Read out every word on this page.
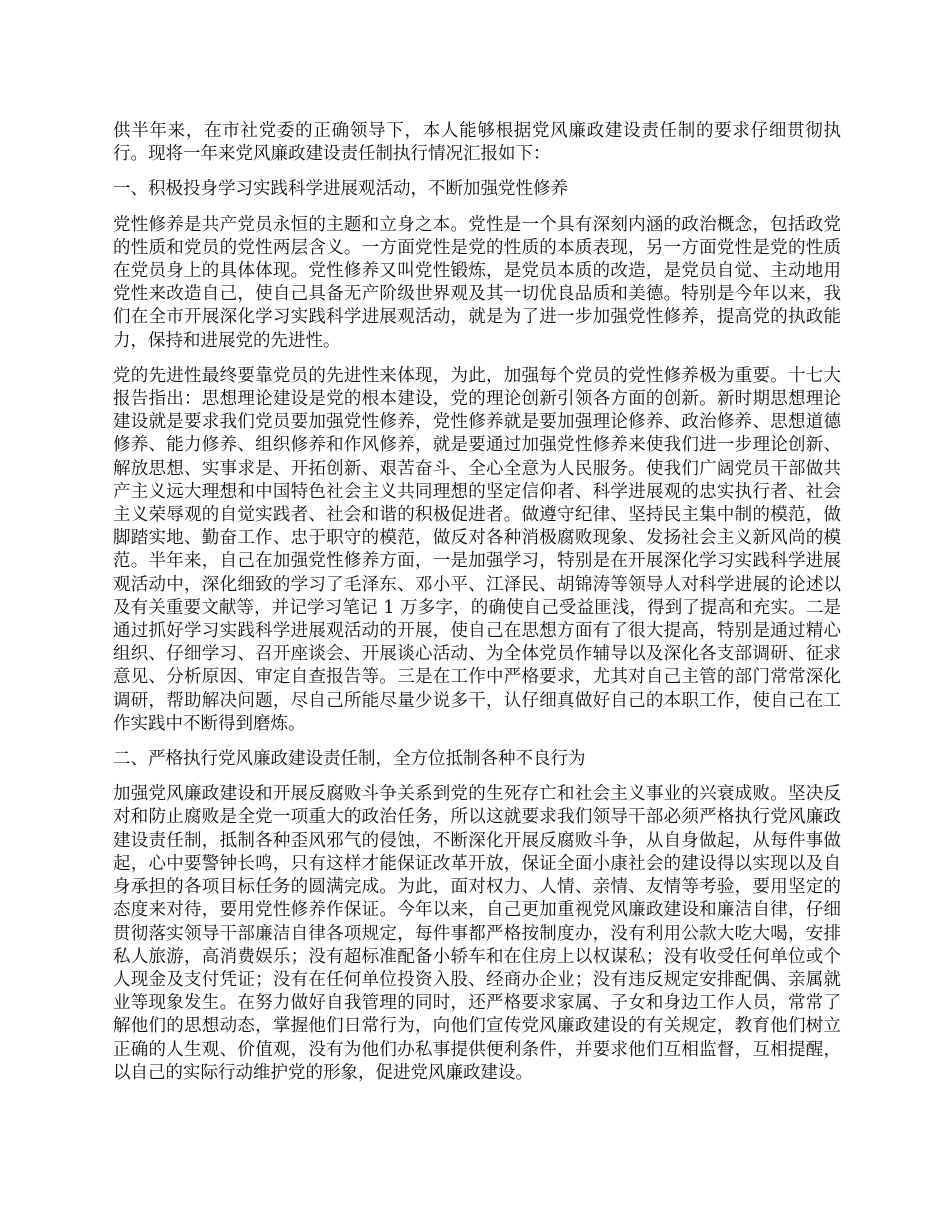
供半年来，在市社党委的正确领导下，本人能够根据党风廉政建设责任制的要求仔细贯彻执行。现将一年来党风廉政建设责任制执行情况汇报如下：

一、积极投身学习实践科学进展观活动，不断加强党性修养

党性修养是共产党员永恒的主题和立身之本。党性是一个具有深刻内涵的政治概念，包括政党的性质和党员的党性两层含义。一方面党性是党的性质的本质表现，另一方面党性是党的性质在党员身上的具体体现。党性修养又叫党性锻炼，是党员本质的改造，是党员自觉、主动地用党性来改造自己，使自己具备无产阶级世界观及其一切优良品质和美德。特别是今年以来，我们在全市开展深化学习实践科学进展观活动，就是为了进一步加强党性修养，提高党的执政能力，保持和进展党的先进性。

党的先进性最终要靠党员的先进性来体现，为此，加强每个党员的党性修养极为重要。十七大报告指出：思想理论建设是党的根本建设，党的理论创新引领各方面的创新。新时期思想理论建设就是要求我们党员要加强党性修养，党性修养就是要加强理论修养、政治修养、思想道德修养、能力修养、组织修养和作风修养，就是要通过加强党性修养来使我们进一步理论创新、解放思想、实事求是、开拓创新、艰苦奋斗、全心全意为人民服务。使我们广阔党员干部做共产主义远大理想和中国特色社会主义共同理想的坚定信仰者、科学进展观的忠实执行者、社会主义荣辱观的自觉实践者、社会和谐的积极促进者。做遵守纪律、坚持民主集中制的模范，做脚踏实地、勤奋工作、忠于职守的模范，做反对各种消极腐败现象、发扬社会主义新风尚的模范。半年来，自己在加强党性修养方面，一是加强学习，特别是在开展深化学习实践科学进展观活动中，深化细致的学习了毛泽东、邓小平、江泽民、胡锦涛等领导人对科学进展的论述以及有关重要文献等，并记学习笔记 1 万多字，的确使自己受益匪浅，得到了提高和充实。二是通过抓好学习实践科学进展观活动的开展，使自己在思想方面有了很大提高，特别是通过精心组织、仔细学习、召开座谈会、开展谈心活动、为全体党员作辅导以及深化各支部调研、征求意见、分析原因、审定自查报告等。三是在工作中严格要求，尤其对自己主管的部门常常深化调研，帮助解决问题，尽自己所能尽量少说多干，认仔细真做好自己的本职工作，使自己在工作实践中不断得到磨炼。

二、严格执行党风廉政建设责任制，全方位抵制各种不良行为

加强党风廉政建设和开展反腐败斗争关系到党的生死存亡和社会主义事业的兴衰成败。坚决反对和防止腐败是全党一项重大的政治任务，所以这就要求我们领导干部必须严格执行党风廉政建设责任制，抵制各种歪风邪气的侵蚀，不断深化开展反腐败斗争，从自身做起，从每件事做起，心中要警钟长鸣，只有这样才能保证改革开放，保证全面小康社会的建设得以实现以及自身承担的各项目标任务的圆满完成。为此，面对权力、人情、亲情、友情等考验，要用坚定的态度来对待，要用党性修养作保证。今年以来，自己更加重视党风廉政建设和廉洁自律，仔细贯彻落实领导干部廉洁自律各项规定，每件事都严格按制度办，没有利用公款大吃大喝，安排私人旅游，高消费娱乐；没有超标准配备小轿车和在住房上以权谋私；没有收受任何单位或个人现金及支付凭证；没有在任何单位投资入股、经商办企业；没有违反规定安排配偶、亲属就业等现象发生。在努力做好自我管理的同时，还严格要求家属、子女和身边工作人员，常常了解他们的思想动态，掌握他们日常行为，向他们宣传党风廉政建设的有关规定，教育他们树立正确的人生观、价值观，没有为他们办私事提供便利条件，并要求他们互相监督，互相提醒，以自己的实际行动维护党的形象，促进党风廉政建设。
